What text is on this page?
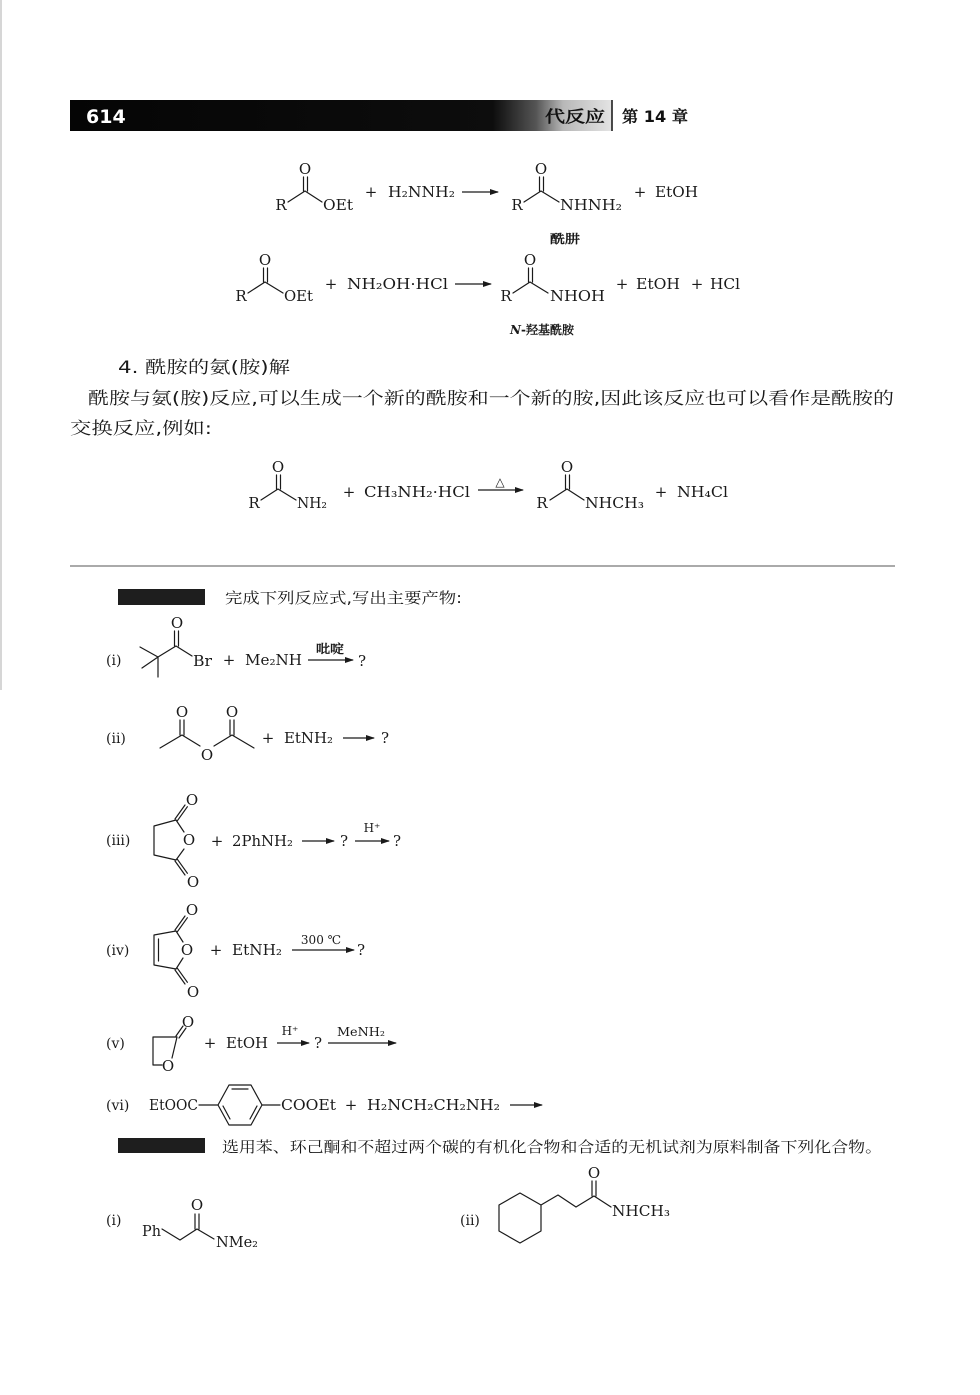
614	代反应 第 14 章
O
R OEt
+ H₂NNH₂
O
R NHNH₂
+ EtOH
酰肼
O
R OEt
+ NH₂OH·HCl
O
R	NHOH
+ EtOH + HCl
N-羟基酰胺
4. 酰胺的氨(胺)解
酰胺与氨(胺)反应,可以生成一个新的酰胺和一个新的胺,因此该反应也可以看作是酰胺的
交换反应,例如:
O
R NH₂
+ CH₃NH₂·HCl
△
O
R NHCH₃
+ NH₄Cl
完成下列反应式,写出主要产物:
(i)
O
Br + Me₂NH
吡啶
?
(ii)
O	O
O
+ EtNH₂	?
(iii)
O
O
O
+ 2PhNH₂	?
H⁺
?
(iv)
O
O
O
+ EtNH₂
300 ℃
?
(v)
O
O
+ EtOH
H⁺
?
MeNH₂
(vi) EtOOC	COOEt + H₂NCH₂CH₂NH₂
选用苯、环己酮和不超过两个碳的有机化合物和合适的无机试剂为原料制备下列化合物。
(i)
Ph
O
NMe₂
(ii)
O
NHCH₃
